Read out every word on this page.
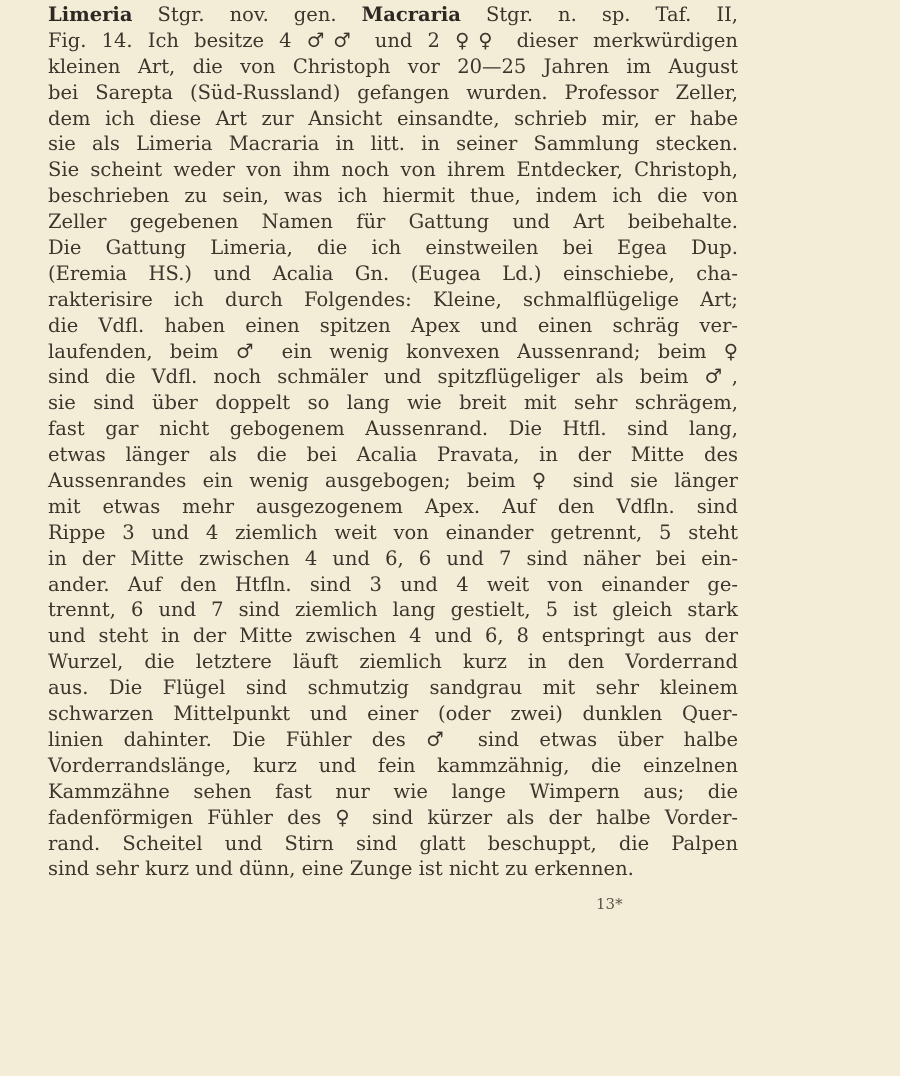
Limeria Stgr. nov. gen. Macraria Stgr. n. sp. Taf. II,
Fig. 14. Ich besitze 4 ♂♂ und 2 ♀♀ dieser merkwürdigen
kleinen Art, die von Christoph vor 20—25 Jahren im August
bei Sarepta (Süd-Russland) gefangen wurden. Professor Zeller,
dem ich diese Art zur Ansicht einsandte, schrieb mir, er habe
sie als Limeria Macraria in litt. in seiner Sammlung stecken.
Sie scheint weder von ihm noch von ihrem Entdecker, Christoph,
beschrieben zu sein, was ich hiermit thue, indem ich die von
Zeller gegebenen Namen für Gattung und Art beibehalte.
Die Gattung Limeria, die ich einstweilen bei Egea Dup.
(Eremia HS.) und Acalia Gn. (Eugea Ld.) einschiebe, cha-
rakterisire ich durch Folgendes: Kleine, schmalflügelige Art;
die Vdfl. haben einen spitzen Apex und einen schräg ver-
laufenden, beim ♂ ein wenig konvexen Aussenrand; beim ♀
sind die Vdfl. noch schmäler und spitzflügeliger als beim ♂,
sie sind über doppelt so lang wie breit mit sehr schrägem,
fast gar nicht gebogenem Aussenrand. Die Htfl. sind lang,
etwas länger als die bei Acalia Pravata, in der Mitte des
Aussenrandes ein wenig ausgebogen; beim ♀ sind sie länger
mit etwas mehr ausgezogenem Apex. Auf den Vdfln. sind
Rippe 3 und 4 ziemlich weit von einander getrennt, 5 steht
in der Mitte zwischen 4 und 6, 6 und 7 sind näher bei ein-
ander. Auf den Htfln. sind 3 und 4 weit von einander ge-
trennt, 6 und 7 sind ziemlich lang gestielt, 5 ist gleich stark
und steht in der Mitte zwischen 4 und 6, 8 entspringt aus der
Wurzel, die letztere läuft ziemlich kurz in den Vorderrand
aus. Die Flügel sind schmutzig sandgrau mit sehr kleinem
schwarzen Mittelpunkt und einer (oder zwei) dunklen Quer-
linien dahinter. Die Fühler des ♂ sind etwas über halbe
Vorderrandslänge, kurz und fein kammzähnig, die einzelnen
Kammzähne sehen fast nur wie lange Wimpern aus; die
fadenförmigen Fühler des ♀ sind kürzer als der halbe Vorder-
rand. Scheitel und Stirn sind glatt beschuppt, die Palpen
sind sehr kurz und dünn, eine Zunge ist nicht zu erkennen.
13*
